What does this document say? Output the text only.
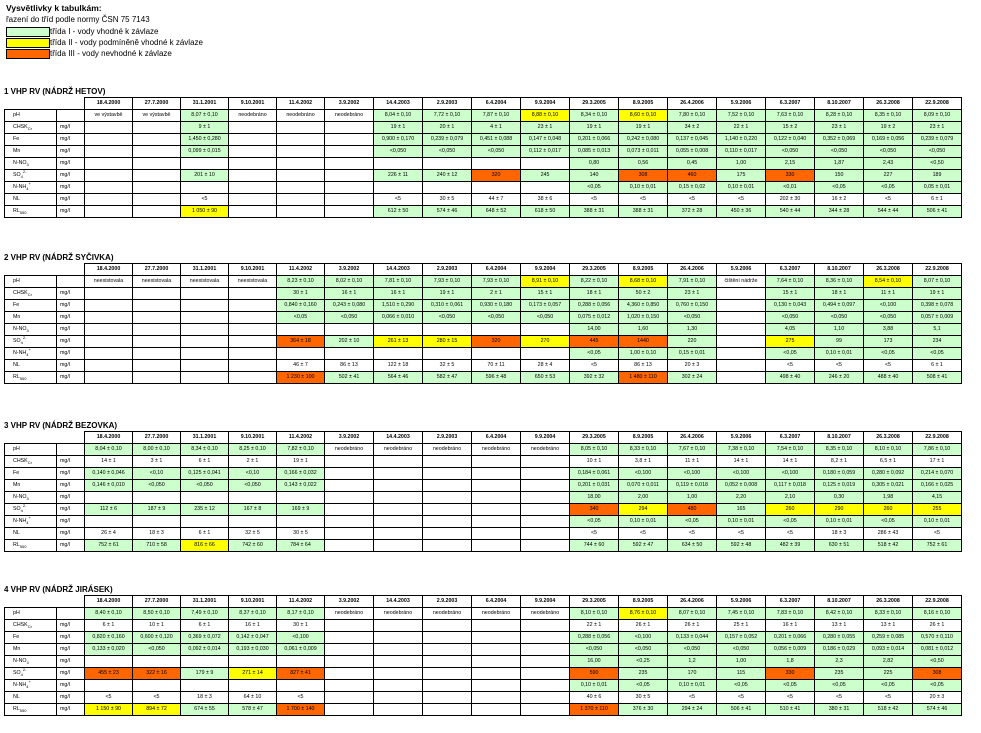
Vysvětlivky k tabulkám:
řazení do tříd podle normy ČSN 75 7143
třída I - vody vhodné k závlaze
třída II - vody podmíněně vhodné k závlaze
třída III - vody nevhodné k závlaze
1 VHP RV (NÁDRŽ HETOV)
		18.4.2000	27.7.2000	31.1.2001	9.10.2001	11.4.2002	3.9.2002	14.4.2003	2.9.2003	6.4.2004	9.9.2004	29.3.2005	8.9.2005	26.4.2006	5.9.2006	6.3.2007	8.10.2007	26.3.2008	22.9.2008
pH		ve výstavbě	ve výstavbě	8,07 ± 0,10	neodebráno	neodebráno	neodebráno	8,04 ± 0,10	7,72 ± 0,10	7,87 ± 0,10	8,88 ± 0,10	8,34 ± 0,10	8,60 ± 0,10	7,80 ± 0,10	7,52 ± 0,10	7,63 ± 0,10	8,28 ± 0,10	8,35 ± 0,10	8,09 ± 0,10
$CHSK_{Cr}$	mg/l			9 ± 1				19 ± 1	20 ± 1	4 ± 1	23 ± 1	19 ± 1	19 ± 1	34 ± 2	22 ± 1	15 ± 2	23 ± 1	19 ± 2	23 ± 1
Fe	mg/l			1,450 ± 0,280				0,900 ± 0,170	0,239 ± 0,079	0,451 ± 0,088	0,147 ± 0,048	0,201 ± 0,066	0,242 ± 0,080	0,137 ± 0,045	1,140 ± 0,220	0,122 ± 0,040	0,352 ± 0,069	0,169 ± 0,056	0,239 ± 0,079
Mn	mg/l			0,099 ± 0,015				<0,050	<0,050	<0,050	0,112 ± 0,017	0,085 ± 0,013	0,073 ± 0,011	0,055 ± 0,008	0,110 ± 0,017	<0,050	<0,050	<0,050	<0,050
$N-NO_3$	mg/l											0,80	0,56	0,45	1,00	2,15	1,87	2,43	<0,50
$SO_4^{2-}$	mg/l			201 ± 10				226 ± 11	240 ± 12	320	245	140	308	460	175	330	150	227	189
$N-NH_4^+$	mg/l											<0,05	0,10 ± 0,01	0,15 ± 0,02	0,10 ± 0,01	<0,01	<0,05	<0,05	0,05 ± 0,01
NL	mg/l			<5				<5	30 ± 5	44 ± 7	38 ± 6	<5	<5	<5	<5	202 ± 30	16 ± 2	<5	6 ± 1
$RL_{550}$	mg/l			1 050 ± 90				612 ± 50	574 ± 46	648 ± 52	618 ± 50	388 ± 31	388 ± 31	372 ± 28	450 ± 36	540 ± 44	344 ± 28	544 ± 44	506 ± 41
2 VHP RV (NÁDRŽ SYČIVKA)
		18.4.2000	27.7.2000	31.1.2001	9.10.2001	11.4.2002	3.9.2002	14.4.2003	2.9.2003	6.4.2004	9.9.2004	29.3.2005	8.9.2005	26.4.2006	5.9.2006	6.3.2007	8.10.2007	26.3.2008	22.9.2008
pH		neexistovala	neexistovala	neexistovala	neexistovala	8,23 ± 0,10	8,02 ± 0,10	7,81 ± 0,10	7,93 ± 0,10	7,93 ± 0,10	8,91 ± 0,10	8,22 ± 0,10	8,68 ± 0,10	7,91 ± 0,10	čištění nádrže	7,64 ± 0,10	8,36 ± 0,10	8,54 ± 0,10	8,07 ± 0,10
$CHSK_{Cr}$	mg/l					30 ± 1	16 ± 1	16 ± 1	19 ± 1	2 ± 1	15 ± 1	18 ± 1	50 ± 2	23 ± 1		15 ± 1	18 ± 1	11 ± 1	19 ± 1
Fe	mg/l					0,840 ± 0,160	0,243 ± 0,080	1,510 ± 0,290	0,310 ± 0,061	0,930 ± 0,180	0,173 ± 0,057	0,288 ± 0,056	4,360 ± 0,850	0,760 ± 0,150		0,130 ± 0,043	0,494 ± 0,097	<0,100	0,398 ± 0,078
Mn	mg/l					<0,05	<0,050	0,066 ± 0,010	<0,050	<0,050	<0,050	0,075 ± 0,012	1,020 ± 0,150	<0,050		<0,050	<0,050	<0,050	0,057 ± 0,009
$N-NO_3$	mg/l											14,00	1,60	1,30		4,05	1,10	3,88	5,1
$SO_4^{2-}$	mg/l					364 ± 18	202 ± 10	261 ± 13	280 ± 15	320	270	445	1440	220		275	99	173	234
$N-NH_4^+$	mg/l											<0,05	1,00 ± 0,10	0,15 ± 0,01		<0,05	0,10 ± 0,01	<0,05	<0,05
NL	mg/l					46 ± 7	86 ± 13	122 ± 18	32 ± 5	70 ± 11	28 ± 4	<5	86 ± 13	20 ± 3		<5	<5	<5	6 ± 1
$RL_{550}$	mg/l					1 230 ± 100	502 ± 41	564 ± 46	582 ± 47	596 ± 48	650 ± 53	392 ± 32	1 480 ± 110	302 ± 24		498 ± 40	246 ± 20	488 ± 40	508 ± 41
3 VHP RV (NÁDRŽ BEZOVKA)
		18.4.2000	27.7.2000	31.1.2001	9.10.2001	11.4.2002	3.9.2002	14.4.2003	2.9.2003	6.4.2004	9.9.2004	29.3.2005	8.9.2005	26.4.2006	5.9.2006	6.3.2007	8.10.2007	26.3.2008	22.9.2008
pH		8,04 ± 0,10	8,00 ± 0,10	8,34 ± 0,10	8,25 ± 0,10	7,82 ± 0,10	neodebráno	neodebráno	neodebráno	neodebráno	neodebráno	8,05 ± 0,10	8,33 ± 0,10	7,67 ± 0,10	7,38 ± 0,10	7,54 ± 0,10	8,35 ± 0,10	8,10 ± 0,10	7,86 ± 0,10
$CHSK_{Cr}$	mg/l	14 ± 1	3 ± 1	6 ± 1	2 ± 1	19 ± 1						10 ± 1	3,8 ± 1	11 ± 1	14 ± 1	14 ± 1	8,2 ± 1	6,5 ± 1	17 ± 1
Fe	mg/l	0,140 ± 0,046	<0,10	0,125 ± 0,041	<0,10	0,166 ± 0,032						0,184 ± 0,061	<0,100	<0,100	<0,100	<0,100	0,180 ± 0,059	0,280 ± 0,092	0,214 ± 0,070
Mn	mg/l	0,146 ± 0,010	<0,050	<0,050	<0,050	0,143 ± 0,022						0,201 ± 0,031	0,070 ± 0,011	0,119 ± 0,018	0,052 ± 0,008	0,117 ± 0,018	0,125 ± 0,019	0,305 ± 0,021	0,166 ± 0,025
$N-NO_3$	mg/l											18,00	2,00	1,00	2,20	2,10	0,30	1,98	4,15
$SO_4^{2-}$	mg/l	112 ± 6	187 ± 9	235 ± 12	167 ± 8	169 ± 9						340	294	480	165	260	290	260	255
$N-NH_4^+$	mg/l											<0,05	0,10 ± 0,01	<0,05	0,10 ± 0,01	<0,05	0,10 ± 0,01	<0,05	0,10 ± 0,01
NL	mg/l	26 ± 4	18 ± 3	6 ± 1	32 ± 5	30 ± 5						<5	<5	<5	<5	<5	18 ± 3	286 ± 43	<5
$RL_{550}$	mg/l	752 ± 61	710 ± 58	816 ± 66	742 ± 60	784 ± 64						744 ± 60	592 ± 47	634 ± 50	592 ± 48	482 ± 39	630 ± 51	518 ± 42	752 ± 61
4 VHP RV (NÁDRŽ JIRÁSEK)
		18.4.2000	27.7.2000	31.1.2001	9.10.2001	11.4.2002	3.9.2002	14.4.2003	2.9.2003	6.4.2004	9.9.2004	29.3.2005	8.9.2005	26.4.2006	5.9.2006	6.3.2007	8.10.2007	26.3.2008	22.9.2008
pH		8,40 ± 0,10	8,50 ± 0,10	7,49 ± 0,10	8,37 ± 0,10	8,17 ± 0,10	neodebráno	neodebráno	neodebráno	neodebráno	neodebráno	8,10 ± 0,10	8,76 ± 0,10	8,07 ± 0,10	7,45 ± 0,10	7,83 ± 0,10	8,42 ± 0,10	8,33 ± 0,10	8,16 ± 0,10
$CHSK_{Cr}$	mg/l	6 ± 1	10 ± 1	6 ± 1	16 ± 1	30 ± 1						22 ± 1	26 ± 1	26 ± 1	25 ± 1	16 ± 1	13 ± 1	13 ± 1	26 ± 1
Fe	mg/l	0,820 ± 0,160	0,600 ± 0,120	0,369 ± 0,072	0,142 ± 0,047	<0,100						0,288 ± 0,056	<0,100	0,133 ± 0,044	0,157 ± 0,052	0,201 ± 0,066	0,280 ± 0,055	0,259 ± 0,085	0,570 ± 0,110
Mn	mg/l	0,133 ± 0,020	<0,050	0,092 ± 0,014	0,193 ± 0,030	0,061 ± 0,009						<0,050	<0,050	<0,050	<0,050	0,056 ± 0,009	0,186 ± 0,029	0,093 ± 0,014	0,081 ± 0,012
$N-NO_3$	mg/l											16,00	<0,25	1,2	1,00	1,8	2,3	2,82	<0,50
$SO_4^{2-}$	mg/l	455 ± 23	322 ± 16	179 ± 9	271 ± 14	827 ± 41						590	235	170	115	330	235	225	308
$N-NH_4^+$	mg/l											0,10 ± 0,01	<0,05	0,10 ± 0,01	<0,05	<0,05	<0,05	<0,05	<0,05
NL	mg/l	<5	<5	18 ± 3	64 ± 10	<5						40 ± 6	30 ± 5	<5	<5	<5	<5	<5	20 ± 3
$RL_{550}$	mg/l	1 150 ± 90	894 ± 72	674 ± 55	578 ± 47	1 700 ± 140						1 370 ± 110	376 ± 30	294 ± 24	506 ± 41	510 ± 41	380 ± 31	518 ± 42	574 ± 46
